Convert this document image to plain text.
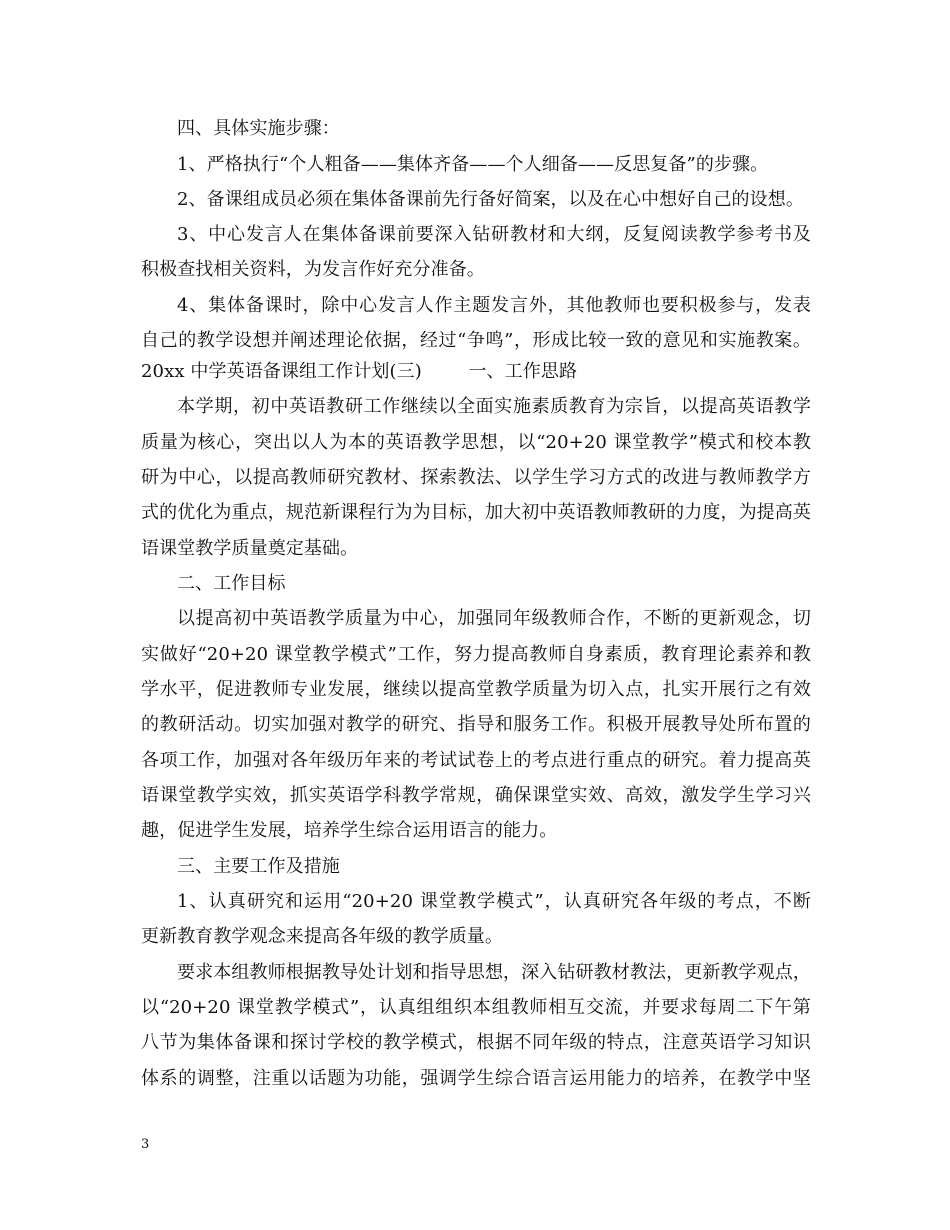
四、具体实施步骤：
1、严格执行“个人粗备——集体齐备——个人细备——反思复备”的步骤。
2、备课组成员必须在集体备课前先行备好简案，以及在心中想好自己的设想。
3、中心发言人在集体备课前要深入钻研教材和大纲，反复阅读教学参考书及
积极查找相关资料，为发言作好充分准备。
4、集体备课时，除中心发言人作主题发言外，其他教师也要积极参与，发表
自己的教学设想并阐述理论依据，经过“争鸣”，形成比较一致的意见和实施教案。
20xx 中学英语备课组工作计划(三)        一、工作思路
本学期，初中英语教研工作继续以全面实施素质教育为宗旨，以提高英语教学
质量为核心，突出以人为本的英语教学思想，以“20+20 课堂教学”模式和校本教
研为中心，以提高教师研究教材、探索教法、以学生学习方式的改进与教师教学方
式的优化为重点，规范新课程行为为目标，加大初中英语教师教研的力度，为提高英
语课堂教学质量奠定基础。
二、工作目标
以提高初中英语教学质量为中心，加强同年级教师合作，不断的更新观念，切
实做好“20+20 课堂教学模式”工作，努力提高教师自身素质，教育理论素养和教
学水平，促进教师专业发展，继续以提高堂教学质量为切入点，扎实开展行之有效
的教研活动。切实加强对教学的研究、指导和服务工作。积极开展教导处所布置的
各项工作，加强对各年级历年来的考试试卷上的考点进行重点的研究。着力提高英
语课堂教学实效，抓实英语学科教学常规，确保课堂实效、高效，激发学生学习兴
趣，促进学生发展，培养学生综合运用语言的能力。
三、主要工作及措施
1、认真研究和运用“20+20 课堂教学模式”，认真研究各年级的考点，不断
更新教育教学观念来提高各年级的教学质量。
要求本组教师根据教导处计划和指导思想，深入钻研教材教法，更新教学观点，
以“20+20 课堂教学模式”，认真组组织本组教师相互交流，并要求每周二下午第
八节为集体备课和探讨学校的教学模式，根据不同年级的特点，注意英语学习知识
体系的调整，注重以话题为功能，强调学生综合语言运用能力的培养，在教学中坚
3
